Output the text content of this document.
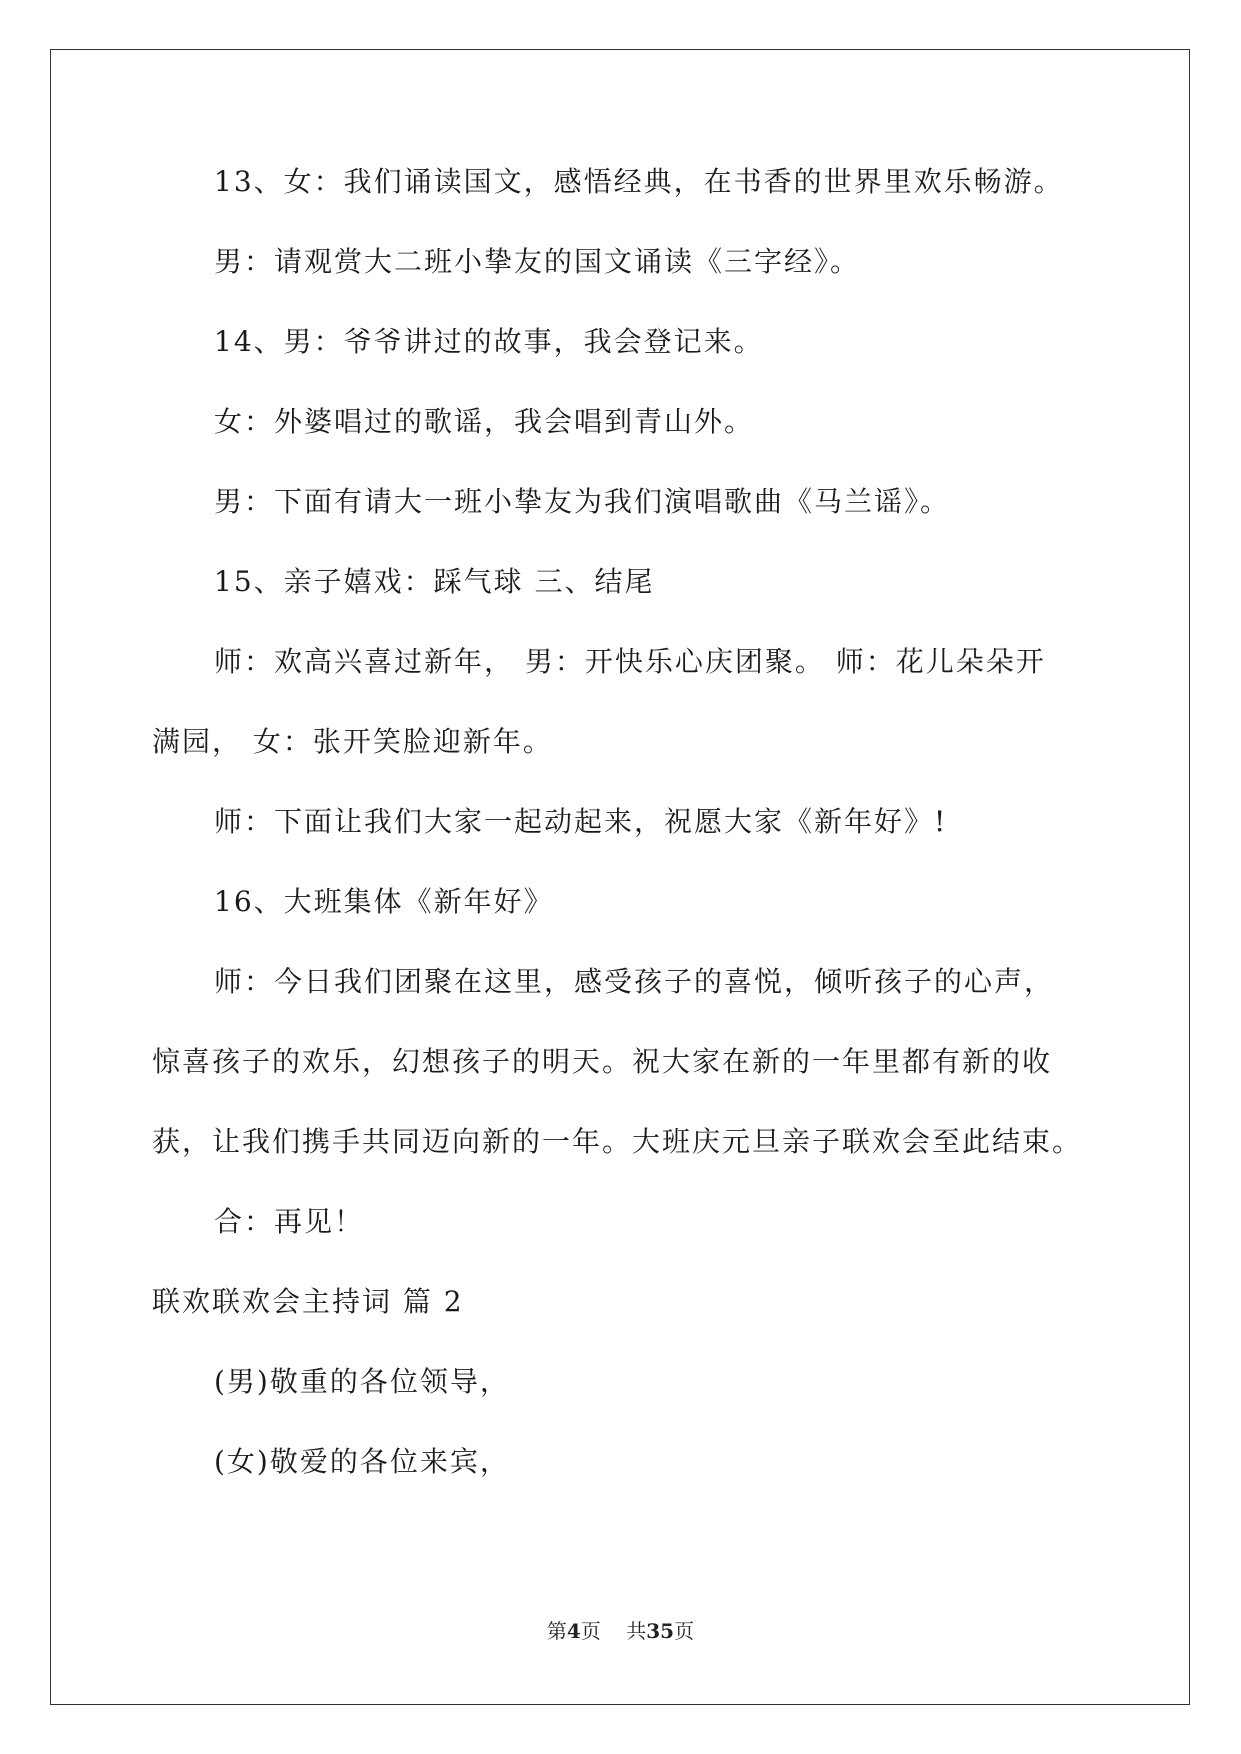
13、女：我们诵读国文，感悟经典，在书香的世界里欢乐畅游。

男：请观赏大二班小挚友的国文诵读《三字经》。

14、男：爷爷讲过的故事，我会登记来。

女：外婆唱过的歌谣，我会唱到青山外。

男：下面有请大一班小挚友为我们演唱歌曲《马兰谣》。

15、亲子嬉戏：踩气球 三、结尾

师：欢高兴喜过新年， 男：开快乐心庆团聚。 师：花儿朵朵开
满园， 女：张开笑脸迎新年。

师：下面让我们大家一起动起来，祝愿大家《新年好》!

16、大班集体《新年好》

师：今日我们团聚在这里，感受孩子的喜悦，倾听孩子的心声，
惊喜孩子的欢乐，幻想孩子的明天。祝大家在新的一年里都有新的收
获，让我们携手共同迈向新的一年。大班庆元旦亲子联欢会至此结束。

合：再见！

联欢联欢会主持词 篇 2

(男)敬重的各位领导，

(女)敬爱的各位来宾，

第4页    共35页
